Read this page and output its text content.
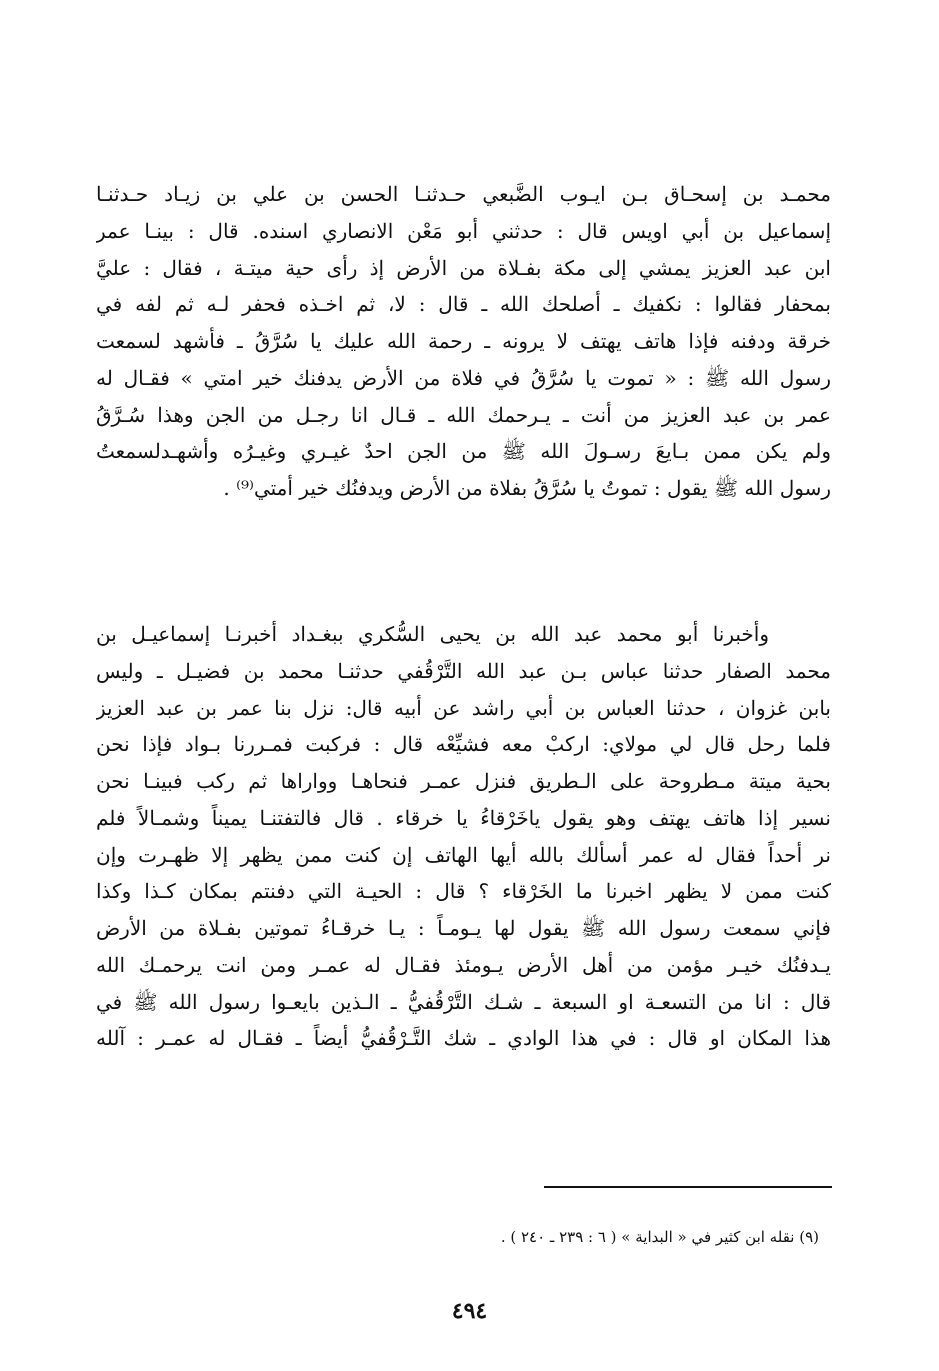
محمـد بن إسحـاق بـن ايـوب الضَّبعي حـدثنـا الحسن بن علي بن زيـاد حـدثنـا
إسماعيل بن أبي اويس قال : حدثني أبو مَعْن الانصاري اسنده. قال : بينـا عمر
ابن عبد العزيز يمشي إلى مكة بفـلاة من الأرض إذ رأى حية ميتـة ، فقال : عليَّ
بمحفار فقالوا : نكفيك ـ أصلحك الله ـ قال : لا، ثم اخـذه فحفر لـه ثم لفه في
خرقة ودفنه فإذا هاتف يهتف لا يرونه ـ رحمة الله عليك يا سُرَّقُ ـ فأشهد لسمعت
رسول الله ﷺ : « تموت يا سُرَّقُ في فلاة من الأرض يدفنك خير امتي » فقـال له
عمر بن عبد العزيز من أنت ـ يـرحمك الله ـ قـال انا رجـل من الجن وهذا سُـرَّقُ
ولم يكن ممن بـايعَ رسـولَ الله ﷺ من الجن احدٌ غيـري وغيـرُه وأشهـدلسمعتُ
رسول الله ﷺ يقول : تموتُ يا سُرَّقُ بفلاة من الأرض ويدفنُك خير أمتي⁽⁹⁾ .
وأخبرنا أبو محمد عبد الله بن يحيى السُّكري ببغـداد أخبرنـا إسماعيـل بن
محمد الصفار حدثنا عباس بـن عبد الله التَّرْقُفي حدثنـا محمد بن فضيـل ـ وليس
بابن غزوان ، حدثنا العباس بن أبي راشد عن أبيه قال: نزل بنا عمر بن عبد العزيز
فلما رحل قال لي مولاي: اركبْ معه فشيِّعْه قال : فركبت فمـررنا بـواد فإذا نحن
بحية ميتة مـطروحة على الـطريق فنزل عمـر فنحاهـا وواراها ثم ركب فبينـا نحن
نسير إذا هاتف يهتف وهو يقول ياخَرْقاءُ يا خرقاء . قال فالتفتنـا يميناً وشمـالاً فلم
نر أحداً فقال له عمر أسألك بالله أيها الهاتف إن كنت ممن يظهر إلا ظهـرت وإن
كنت ممن لا يظهر اخبرنا ما الخَرْقاء ؟ قال : الحيـة التي دفنتم بمكان كـذا وكذا
فإني سمعت رسول الله ﷺ يقول لها يـومـاً : يـا خرقـاءُ تموتين بفـلاة من الأرض
يـدفنُك خيـر مؤمن من أهل الأرض يـومئذ فقـال له عمـر ومن انت يرحمـك الله
قال : انا من التسعـة او السبعة ـ شـك التَّرْقُفيُّ ـ الـذين بايعـوا رسول الله ﷺ في
هذا المكان او قال : في هذا الوادي ـ شك التَّـرْقُفيُّ أيضاً ـ فقـال له عمـر : آلله
(٩) نقله ابن كثير في « البداية » ( ٦ : ٢٣٩ ـ ٢٤٠ ) .
٤٩٤
